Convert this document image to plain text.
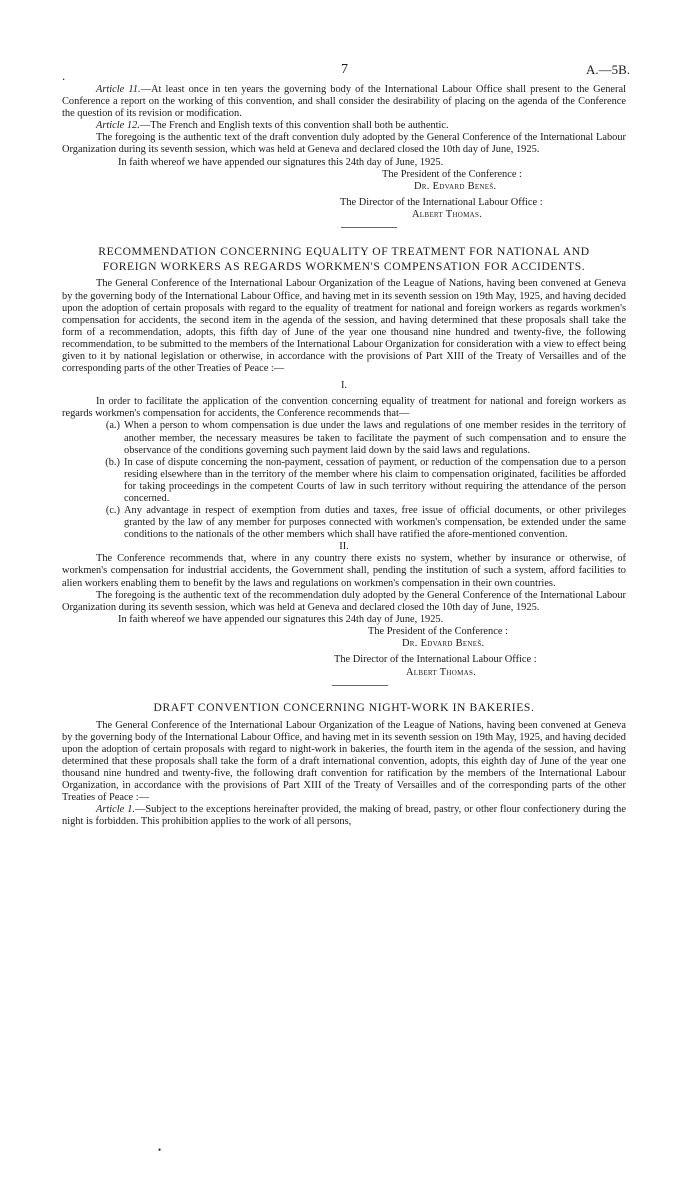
.	7	A.—5B.

Article 11.—At least once in ten years the governing body of the International Labour Office shall present to the General Conference a report on the working of this convention, and shall consider the desirability of placing on the agenda of the Conference the question of its revision or modification.

Article 12.—The French and English texts of this convention shall both be authentic.

The foregoing is the authentic text of the draft convention duly adopted by the General Conference of the International Labour Organization during its seventh session, which was held at Geneva and declared closed the 10th day of June, 1925.

In faith whereof we have appended our signatures this 24th day of June, 1925.

The President of the Conference :
Dr. Edvard Beneš.
The Director of the International Labour Office :
Albert Thomas.
RECOMMENDATION CONCERNING EQUALITY OF TREATMENT FOR NATIONAL AND
FOREIGN WORKERS AS REGARDS WORKMEN'S COMPENSATION FOR ACCIDENTS.

The General Conference of the International Labour Organization of the League of Nations, having been convened at Geneva by the governing body of the International Labour Office, and having met in its seventh session on 19th May, 1925, and having decided upon the adoption of certain proposals with regard to the equality of treatment for national and foreign workers as regards workmen's compensation for accidents, the second item in the agenda of the session, and having determined that these proposals shall take the form of a recommendation, adopts, this fifth day of June of the year one thousand nine hundred and twenty-five, the following recommendation, to be submitted to the members of the International Labour Organization for consideration with a view to effect being given to it by national legislation or otherwise, in accordance with the provisions of Part XIII of the Treaty of Versailles and of the corresponding parts of the other Treaties of Peace :—

I.

In order to facilitate the application of the convention concerning equality of treatment for national and foreign workers as regards workmen's compensation for accidents, the Conference recommends that—

(a.) When a person to whom compensation is due under the laws and regulations of one member resides in the territory of another member, the necessary measures be taken to facilitate the payment of such compensation and to ensure the observance of the conditions governing such payment laid down by the said laws and regulations.
(b.) In case of dispute concerning the non-payment, cessation of payment, or reduction of the compensation due to a person residing elsewhere than in the territory of the member where his claim to compensation originated, facilities be afforded for taking proceedings in the competent Courts of law in such territory without requiring the attendance of the person concerned.
(c.) Any advantage in respect of exemption from duties and taxes, free issue of official documents, or other privileges granted by the law of any member for purposes connected with workmen's compensation, be extended under the same conditions to the nationals of the other members which shall have ratified the afore-mentioned convention.
II.

The Conference recommends that, where in any country there exists no system, whether by insurance or otherwise, of workmen's compensation for industrial accidents, the Government shall, pending the institution of such a system, afford facilities to alien workers enabling them to benefit by the laws and regulations on workmen's compensation in their own countries.

The foregoing is the authentic text of the recommendation duly adopted by the General Conference of the International Labour Organization during its seventh session, which was held at Geneva and declared closed the 10th day of June, 1925.

In faith whereof we have appended our signatures this 24th day of June, 1925.

The President of the Conference :
Dr. Edvard Beneš.
The Director of the International Labour Office :
Albert Thomas.
DRAFT CONVENTION CONCERNING NIGHT-WORK IN BAKERIES.

The General Conference of the International Labour Organization of the League of Nations, having been convened at Geneva by the governing body of the International Labour Office, and having met in its seventh session on 19th May, 1925, and having decided upon the adoption of certain proposals with regard to night-work in bakeries, the fourth item in the agenda of the session, and having determined that these proposals shall take the form of a draft international convention, adopts, this eighth day of June of the year one thousand nine hundred and twenty-five, the following draft convention for ratification by the members of the International Labour Organization, in accordance with the provisions of Part XIII of the Treaty of Versailles and of the corresponding parts of the other Treaties of Peace :—

Article 1.—Subject to the exceptions hereinafter provided, the making of bread, pastry, or other flour confectionery during the night is forbidden. This prohibition applies to the work of all persons,

•
